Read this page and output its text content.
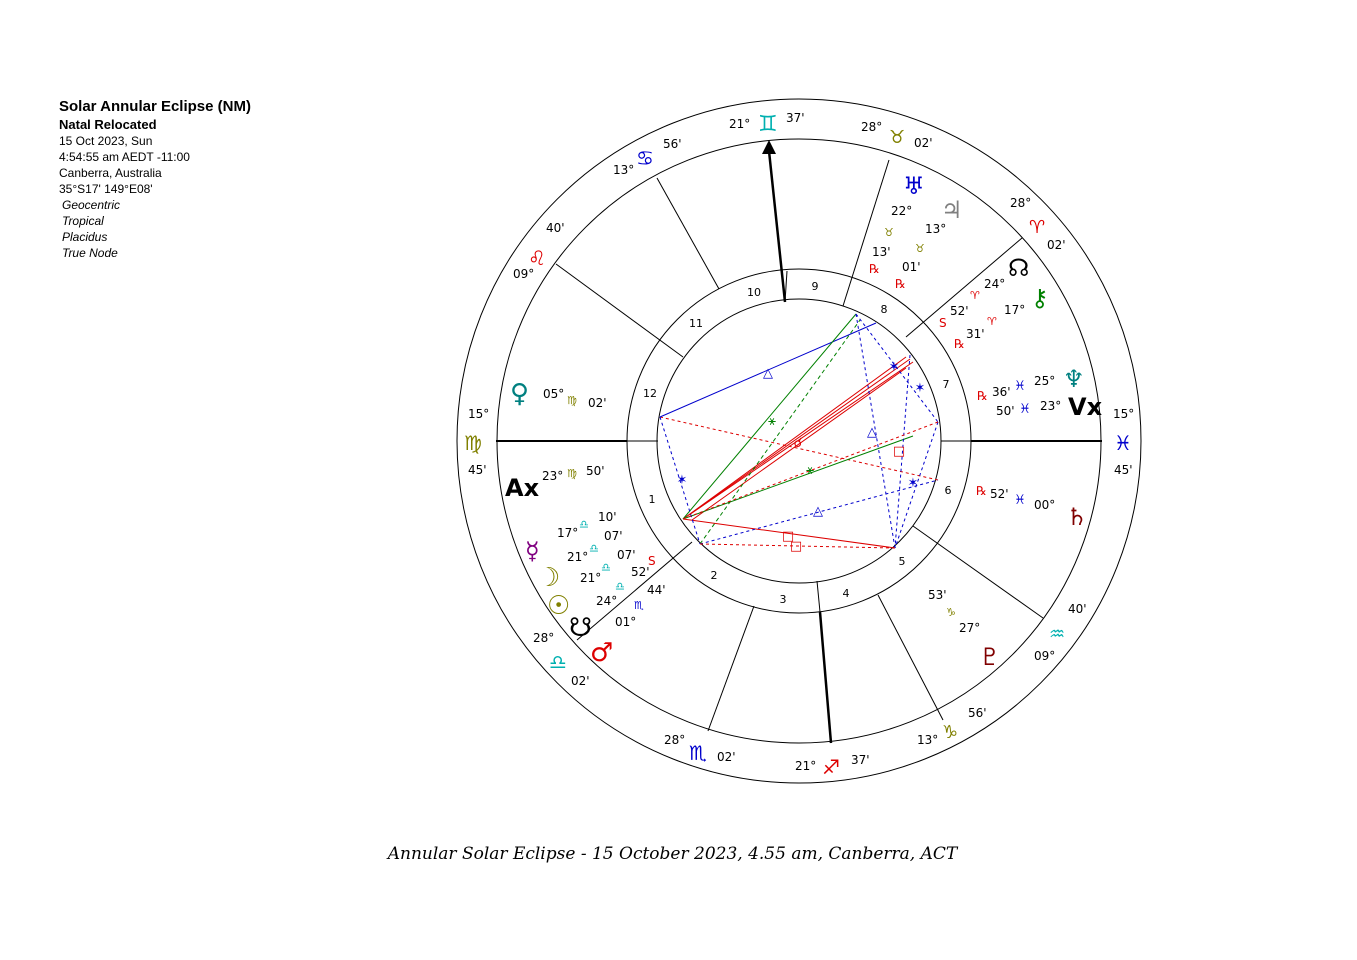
Solar Annular Eclipse (NM)
Natal Relocated
15 Oct 2023, Sun
4:54:55 am AEDT -11:00
Canberra, Australia
35°S17' 149°E08'
Geocentric
Tropical
Placidus
True Node
△
△
△
✶
✶
✶	✶
□
□
□
☌
⚹
⚹
21° ♊ 37'
28° ♉ 02'
28°
♈
02'
15°
♓
45'
09°
♒
40'
13° ♑
56'
21° ♐ 37'
28°
♏ 02'
28°
♎
02'
15°
♍
45'
09°
♌
40'
13° ♋
56'
1
2
3	4
5
6
7
8
9
10
11
12
♅
22°
♉
13'
℞
♃
13°
♉
01'
℞
☊
24°
♈
52'
S
⚷
17°
♈
31'
℞
♆
25°
♓
36'
℞	Vx
23°
♓
50'
♄
00°
♓
52'
℞
♇
27°
♑
53'
♂
01°
♏
44'
☋
24°
♎
52'
S
☉
21°
♎
07'
☽
21°
♎
07'
☿
17°
♎
10'
Ax 23° ♍ 50'
♀ 05° ♍ 02'
Annular Solar Eclipse - 15 October 2023, 4.55 am, Canberra, ACT
